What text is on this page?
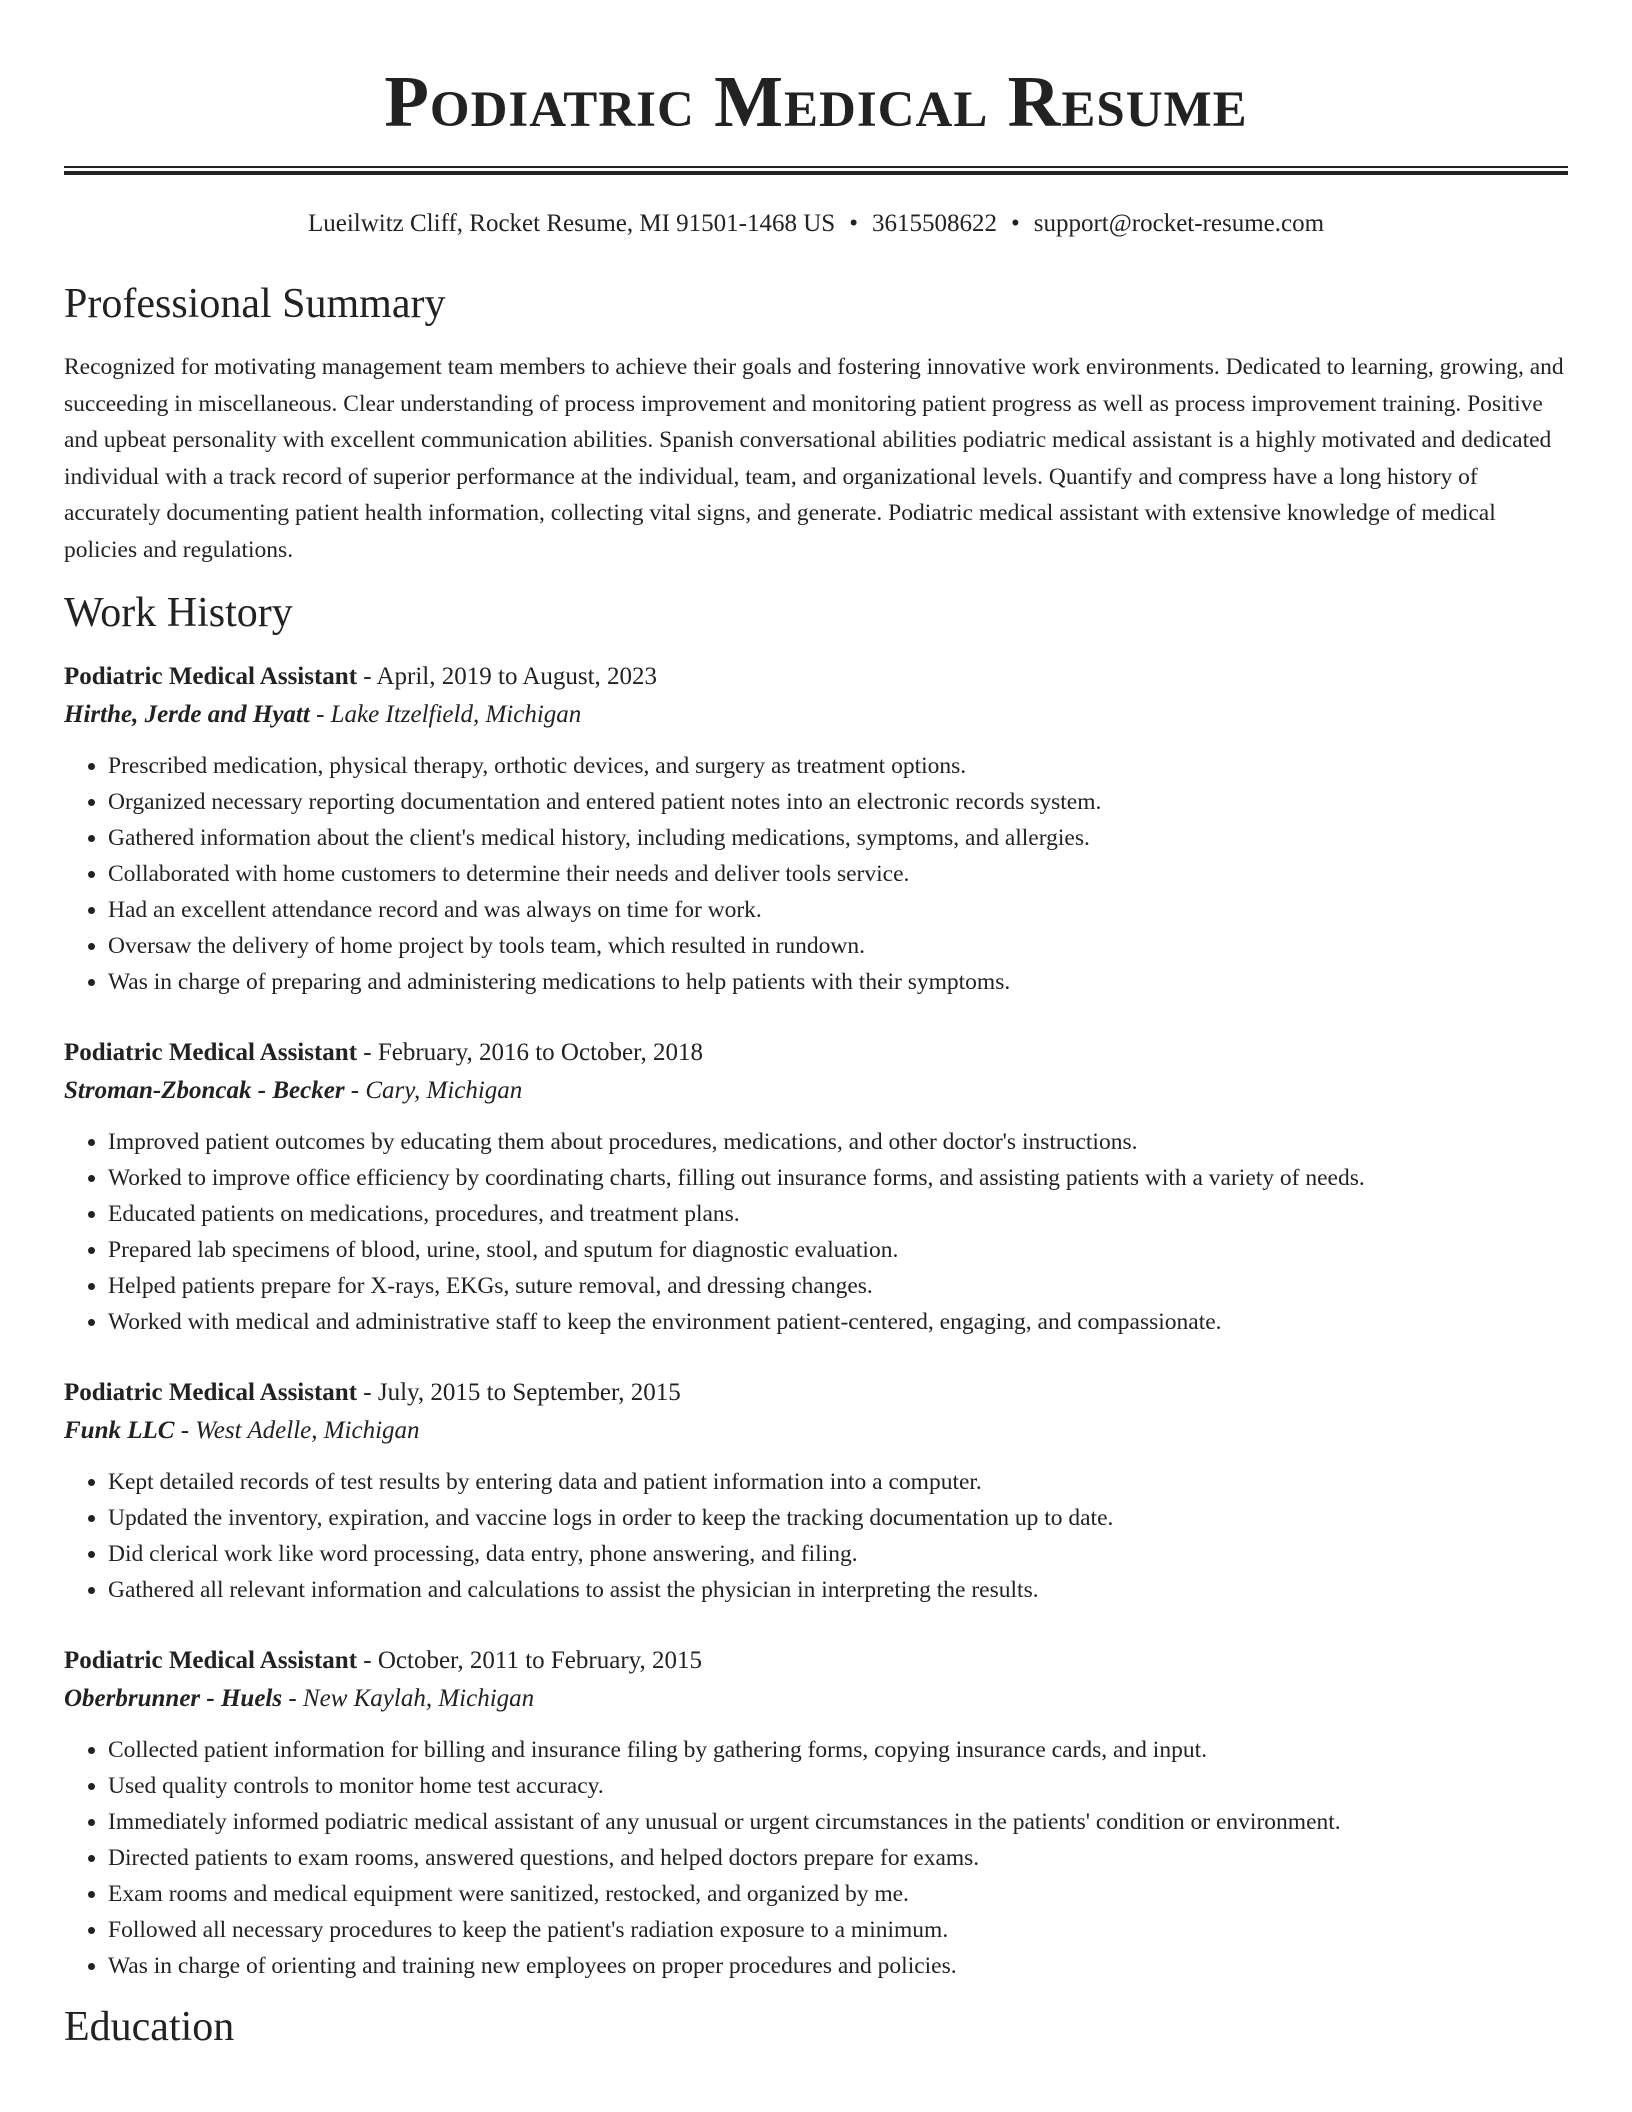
Podiatric Medical Resume
Lueilwitz Cliff, Rocket Resume, MI 91501-1468 US • 3615508622 • support@rocket-resume.com
Professional Summary

Recognized for motivating management team members to achieve their goals and fostering innovative work environments. Dedicated to learning, growing, and succeeding in miscellaneous. Clear understanding of process improvement and monitoring patient progress as well as process improvement training. Positive and upbeat personality with excellent communication abilities. Spanish conversational abilities podiatric medical assistant is a highly motivated and dedicated individual with a track record of superior performance at the individual, team, and organizational levels. Quantify and compress have a long history of accurately documenting patient health information, collecting vital signs, and generate. Podiatric medical assistant with extensive knowledge of medical policies and regulations.

Work History
Podiatric Medical Assistant - April, 2019 to August, 2023
Hirthe, Jerde and Hyatt - Lake Itzelfield, Michigan
• Prescribed medication, physical therapy, orthotic devices, and surgery as treatment options.
• Organized necessary reporting documentation and entered patient notes into an electronic records system.
• Gathered information about the client's medical history, including medications, symptoms, and allergies.
• Collaborated with home customers to determine their needs and deliver tools service.
• Had an excellent attendance record and was always on time for work.
• Oversaw the delivery of home project by tools team, which resulted in rundown.
• Was in charge of preparing and administering medications to help patients with their symptoms.
Podiatric Medical Assistant - February, 2016 to October, 2018
Stroman-Zboncak - Becker - Cary, Michigan
• Improved patient outcomes by educating them about procedures, medications, and other doctor's instructions.
• Worked to improve office efficiency by coordinating charts, filling out insurance forms, and assisting patients with a variety of needs.
• Educated patients on medications, procedures, and treatment plans.
• Prepared lab specimens of blood, urine, stool, and sputum for diagnostic evaluation.
• Helped patients prepare for X-rays, EKGs, suture removal, and dressing changes.
• Worked with medical and administrative staff to keep the environment patient-centered, engaging, and compassionate.
Podiatric Medical Assistant - July, 2015 to September, 2015
Funk LLC - West Adelle, Michigan
• Kept detailed records of test results by entering data and patient information into a computer.
• Updated the inventory, expiration, and vaccine logs in order to keep the tracking documentation up to date.
• Did clerical work like word processing, data entry, phone answering, and filing.
• Gathered all relevant information and calculations to assist the physician in interpreting the results.
Podiatric Medical Assistant - October, 2011 to February, 2015
Oberbrunner - Huels - New Kaylah, Michigan
• Collected patient information for billing and insurance filing by gathering forms, copying insurance cards, and input.
• Used quality controls to monitor home test accuracy.
• Immediately informed podiatric medical assistant of any unusual or urgent circumstances in the patients' condition or environment.
• Directed patients to exam rooms, answered questions, and helped doctors prepare for exams.
• Exam rooms and medical equipment were sanitized, restocked, and organized by me.
• Followed all necessary procedures to keep the patient's radiation exposure to a minimum.
• Was in charge of orienting and training new employees on proper procedures and policies.
Education
